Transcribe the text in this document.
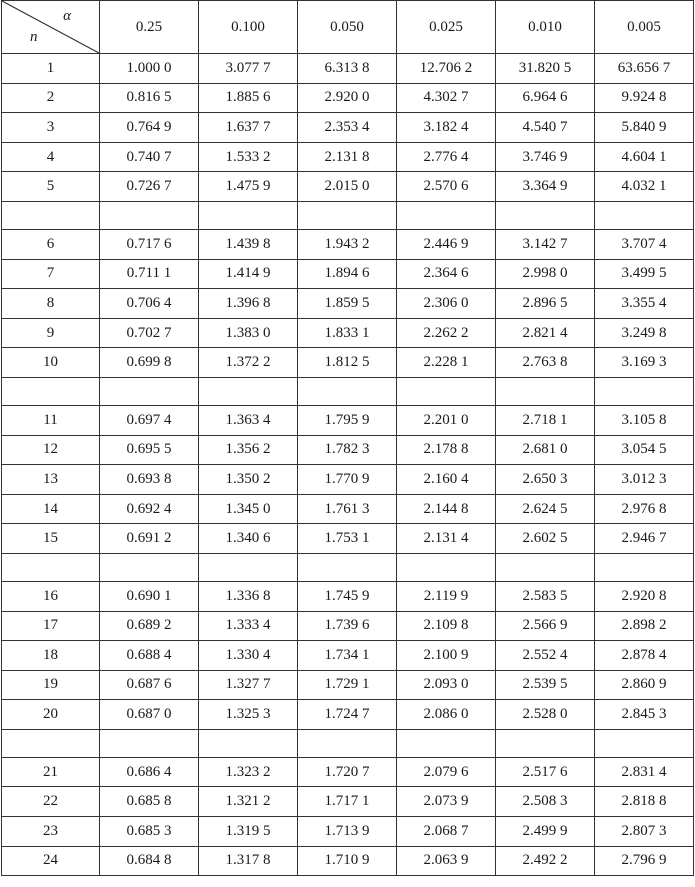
α
n	0.25	0.100	0.050	0.025	0.010	0.005
1	1.000 0	3.077 7	6.313 8	12.706 2	31.820 5	63.656 7
2	0.816 5	1.885 6	2.920 0	4.302 7	6.964 6	9.924 8
3	0.764 9	1.637 7	2.353 4	3.182 4	4.540 7	5.840 9
4	0.740 7	1.533 2	2.131 8	2.776 4	3.746 9	4.604 1
5	0.726 7	1.475 9	2.015 0	2.570 6	3.364 9	4.032 1

6	0.717 6	1.439 8	1.943 2	2.446 9	3.142 7	3.707 4
7	0.711 1	1.414 9	1.894 6	2.364 6	2.998 0	3.499 5
8	0.706 4	1.396 8	1.859 5	2.306 0	2.896 5	3.355 4
9	0.702 7	1.383 0	1.833 1	2.262 2	2.821 4	3.249 8
10	0.699 8	1.372 2	1.812 5	2.228 1	2.763 8	3.169 3

11	0.697 4	1.363 4	1.795 9	2.201 0	2.718 1	3.105 8
12	0.695 5	1.356 2	1.782 3	2.178 8	2.681 0	3.054 5
13	0.693 8	1.350 2	1.770 9	2.160 4	2.650 3	3.012 3
14	0.692 4	1.345 0	1.761 3	2.144 8	2.624 5	2.976 8
15	0.691 2	1.340 6	1.753 1	2.131 4	2.602 5	2.946 7

16	0.690 1	1.336 8	1.745 9	2.119 9	2.583 5	2.920 8
17	0.689 2	1.333 4	1.739 6	2.109 8	2.566 9	2.898 2
18	0.688 4	1.330 4	1.734 1	2.100 9	2.552 4	2.878 4
19	0.687 6	1.327 7	1.729 1	2.093 0	2.539 5	2.860 9
20	0.687 0	1.325 3	1.724 7	2.086 0	2.528 0	2.845 3

21	0.686 4	1.323 2	1.720 7	2.079 6	2.517 6	2.831 4
22	0.685 8	1.321 2	1.717 1	2.073 9	2.508 3	2.818 8
23	0.685 3	1.319 5	1.713 9	2.068 7	2.499 9	2.807 3
24	0.684 8	1.317 8	1.710 9	2.063 9	2.492 2	2.796 9
